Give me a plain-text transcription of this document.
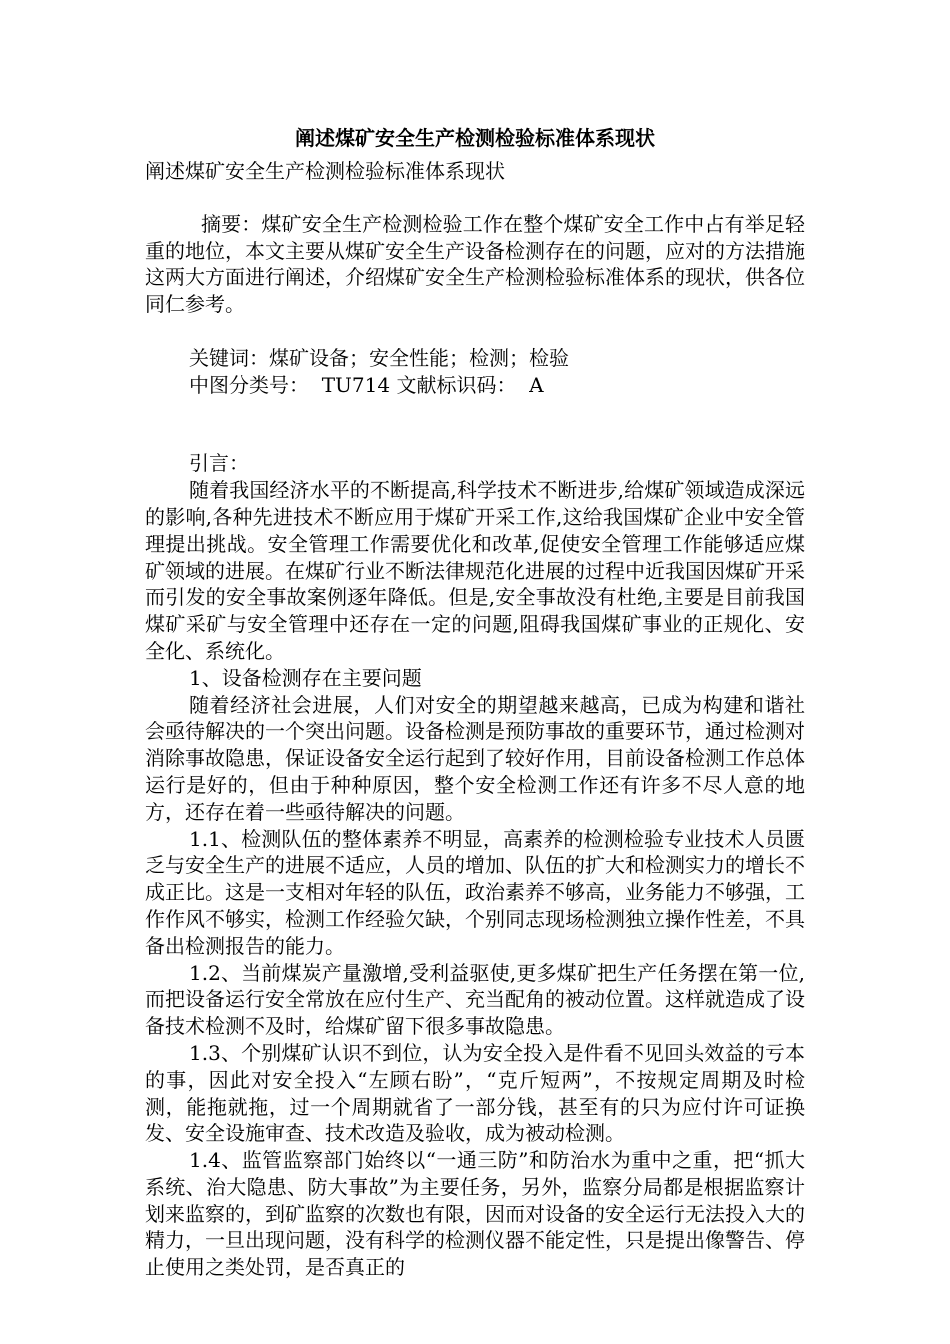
阐述煤矿安全生产检测检验标准体系现状

阐述煤矿安全生产检测检验标准体系现状

摘要：煤矿安全生产检测检验工作在整个煤矿安全工作中占有举足轻重的地位，本文主要从煤矿安全生产设备检测存在的问题，应对的方法措施这两大方面进行阐述，介绍煤矿安全生产检测检验标准体系的现状，供各位同仁参考。

关键词：煤矿设备；安全性能；检测；检验

中图分类号：  TU714 文献标识码：  A

引言：

随着我国经济水平的不断提高,科学技术不断进步,给煤矿领域造成深远的影响,各种先进技术不断应用于煤矿开采工作,这给我国煤矿企业中安全管理提出挑战。安全管理工作需要优化和改革,促使安全管理工作能够适应煤矿领域的进展。在煤矿行业不断法律规范化进展的过程中近我国因煤矿开采而引发的安全事故案例逐年降低。但是,安全事故没有杜绝,主要是目前我国煤矿采矿与安全管理中还存在一定的问题,阻碍我国煤矿事业的正规化、安全化、系统化。

1、设备检测存在主要问题

随着经济社会进展，人们对安全的期望越来越高，已成为构建和谐社会亟待解决的一个突出问题。设备检测是预防事故的重要环节，通过检测对消除事故隐患，保证设备安全运行起到了较好作用，目前设备检测工作总体运行是好的，但由于种种原因，整个安全检测工作还有许多不尽人意的地方，还存在着一些亟待解决的问题。

1.1、检测队伍的整体素养不明显，高素养的检测检验专业技术人员匮乏与安全生产的进展不适应，人员的增加、队伍的扩大和检测实力的增长不成正比。这是一支相对年轻的队伍，政治素养不够高，业务能力不够强，工作作风不够实，检测工作经验欠缺，个别同志现场检测独立操作性差，不具备出检测报告的能力。

1.2、当前煤炭产量激增,受利益驱使,更多煤矿把生产任务摆在第一位,而把设备运行安全常放在应付生产、充当配角的被动位置。这样就造成了设备技术检测不及时，给煤矿留下很多事故隐患。

1.3、个别煤矿认识不到位，认为安全投入是件看不见回头效益的亏本的事，因此对安全投入“左顾右盼”，“克斤短两”，不按规定周期及时检测，能拖就拖，过一个周期就省了一部分钱，甚至有的只为应付许可证换发、安全设施审查、技术改造及验收，成为被动检测。

1.4、监管监察部门始终以“一通三防”和防治水为重中之重，把“抓大系统、治大隐患、防大事故”为主要任务，另外，监察分局都是根据监察计划来监察的，到矿监察的次数也有限，因而对设备的安全运行无法投入大的精力，一旦出现问题，没有科学的检测仪器不能定性，只是提出像警告、停止使用之类处罚，是否真正的
